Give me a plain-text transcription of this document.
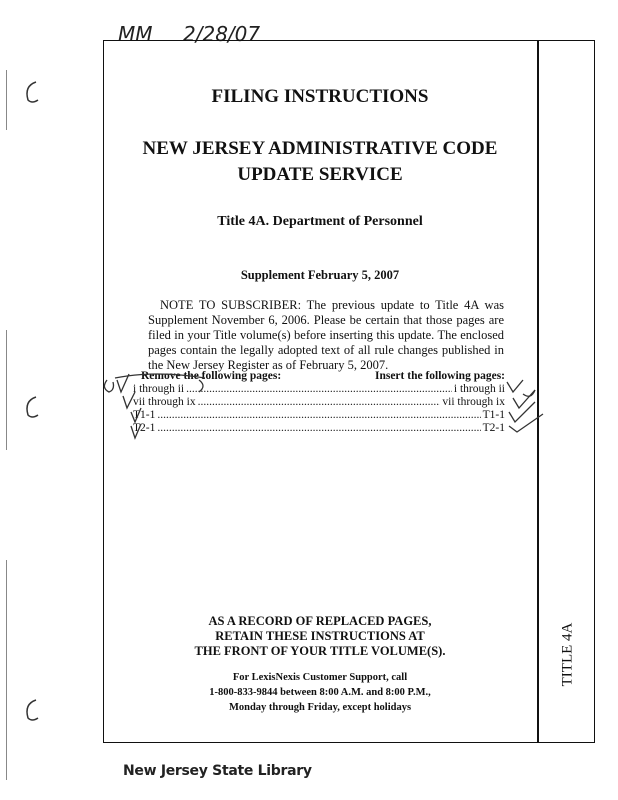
MM 2/28/07
FILING INSTRUCTIONS
NEW JERSEY ADMINISTRATIVE CODE
UPDATE SERVICE
Title 4A. Department of Personnel
Supplement February 5, 2007
NOTE TO SUBSCRIBER: The previous update to Title 4A was Supplement November 6, 2006. Please be certain that those pages are filed in your Title volume(s) before inserting this update. The enclosed pages contain the legally adopted text of all rule changes published in the New Jersey Register as of February 5, 2007.
Remove the following pages:	Insert the following pages:
i through ii .....	i through ii
vii through ix .....	vii through ix
T1-1 .....	T1-1
T2-1 .....	T2-1
AS A RECORD OF REPLACED PAGES,
RETAIN THESE INSTRUCTIONS AT
THE FRONT OF YOUR TITLE VOLUME(S).
For LexisNexis Customer Support, call
1-800-833-9844 between 8:00 A.M. and 8:00 P.M.,
Monday through Friday, except holidays
TITLE 4A
New Jersey State Library
